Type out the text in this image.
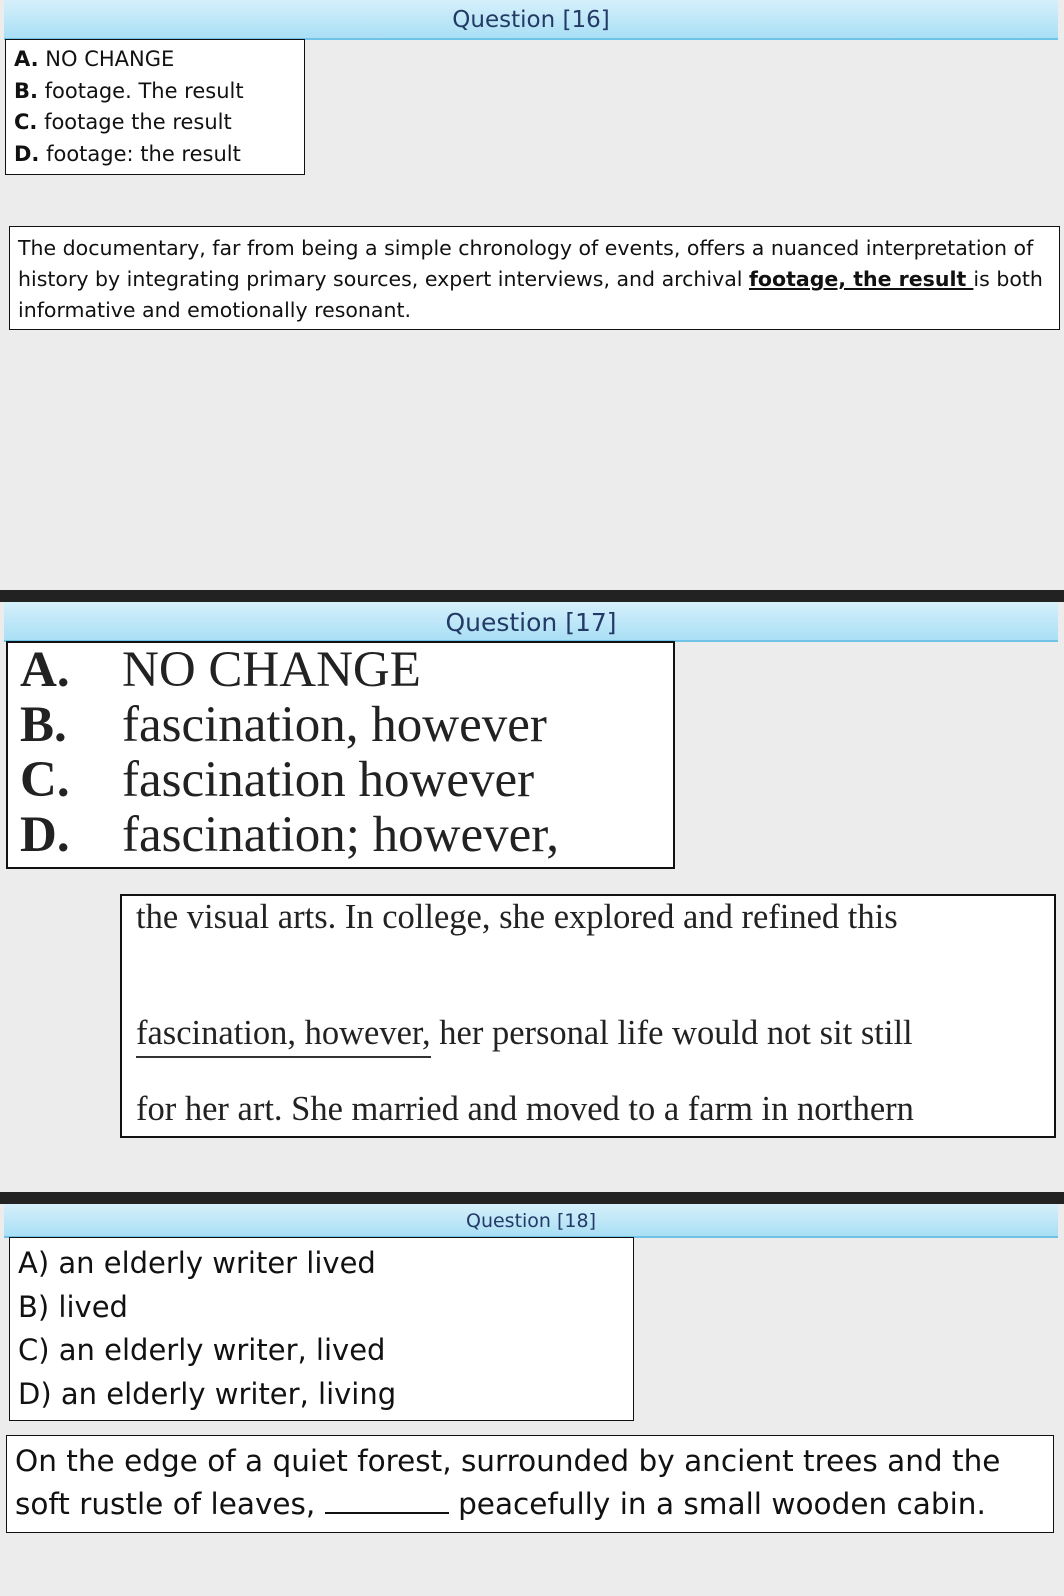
Question [16]
A. NO CHANGE
B. footage. The result
C. footage the result
D. footage: the result
The documentary, far from being a simple chronology of events, offers a nuanced interpretation of history by integrating primary sources, expert interviews, and archival footage, the result is both informative and emotionally resonant.
Question [17]
A. NO CHANGE
B. fascination, however
C. fascination however
D. fascination; however,
the visual arts. In college, she explored and refined this
fascination, however, her personal life would not sit still
for her art. She married and moved to a farm in northern
Question [18]
A) an elderly writer lived
B) lived
C) an elderly writer, lived
D) an elderly writer, living
On the edge of a quiet forest, surrounded by ancient trees and the soft rustle of leaves,	peacefully in a small wooden cabin.
